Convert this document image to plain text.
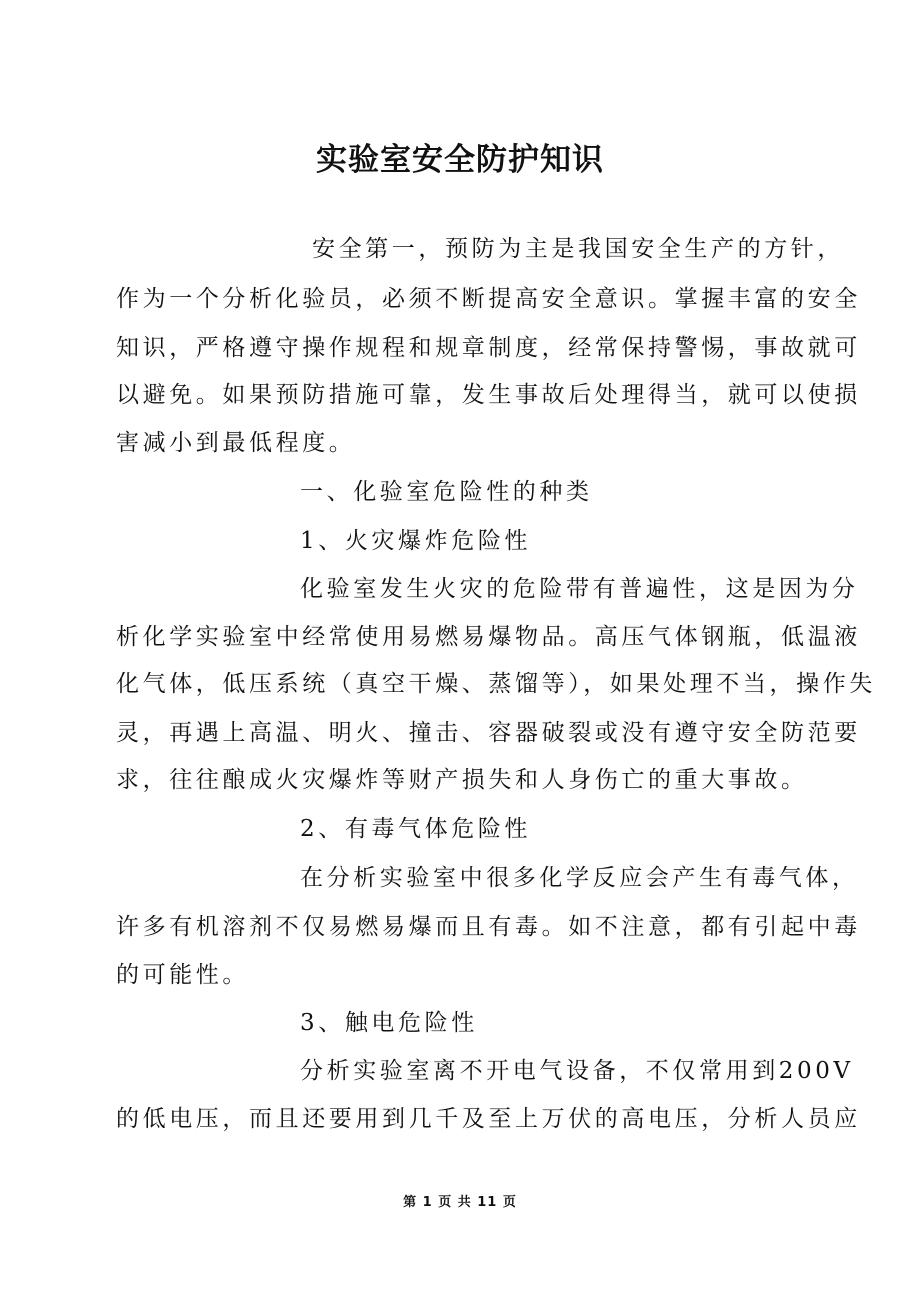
实验室安全防护知识
安全第一，预防为主是我国安全生产的方针，
作为一个分析化验员，必须不断提高安全意识。掌握丰富的安全
知识，严格遵守操作规程和规章制度，经常保持警惕，事故就可
以避免。如果预防措施可靠，发生事故后处理得当，就可以使损
害减小到最低程度。
一、化验室危险性的种类
1、火灾爆炸危险性
化验室发生火灾的危险带有普遍性，这是因为分
析化学实验室中经常使用易燃易爆物品。高压气体钢瓶，低温液
化气体，低压系统（真空干燥、蒸馏等），如果处理不当，操作失
灵，再遇上高温、明火、撞击、容器破裂或没有遵守安全防范要
求，往往酿成火灾爆炸等财产损失和人身伤亡的重大事故。
2、有毒气体危险性
在分析实验室中很多化学反应会产生有毒气体，
许多有机溶剂不仅易燃易爆而且有毒。如不注意，都有引起中毒
的可能性。
3、触电危险性
分析实验室离不开电气设备，不仅常用到200V
的低电压，而且还要用到几千及至上万伏的高电压，分析人员应
第 1 页 共 11 页
